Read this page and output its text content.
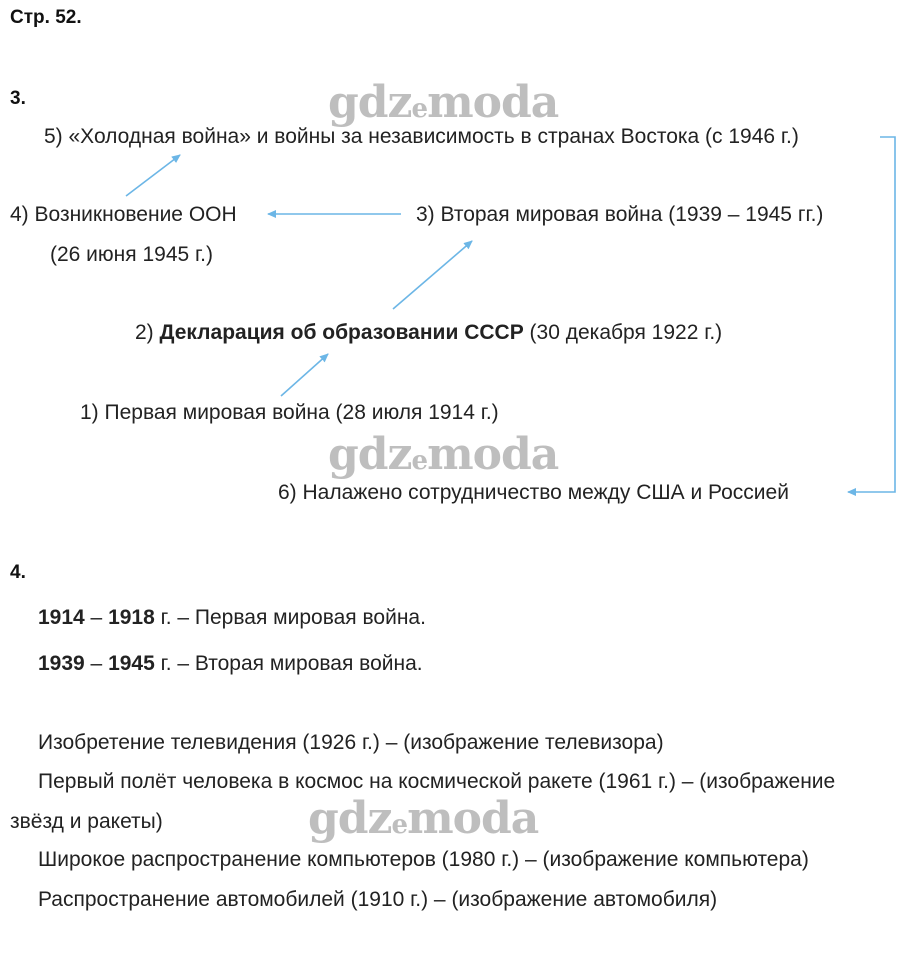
Стр. 52.
3.
5) «Холодная война» и войны за независимость в странах Востока (с 1946 г.)
4) Возникновение ООН
(26 июня 1945 г.)
3) Вторая мировая война (1939 – 1945 гг.)
2) Декларация об образовании СССР (30 декабря 1922 г.)
1) Первая мировая война (28 июля 1914 г.)
6) Налажено сотрудничество между США и Россией
4.
1914 – 1918 г. – Первая мировая война.
1939 – 1945 г. – Вторая мировая война.
Изобретение телевидения (1926 г.) – (изображение телевизора)
Первый полёт человека в космос на космической ракете (1961 г.) – (изображение
звёзд и ракеты)
Широкое распространение компьютеров (1980 г.) – (изображение компьютера)
Распространение автомобилей (1910 г.) – (изображение автомобиля)
gdzemoda
gdzemoda
gdzemoda
